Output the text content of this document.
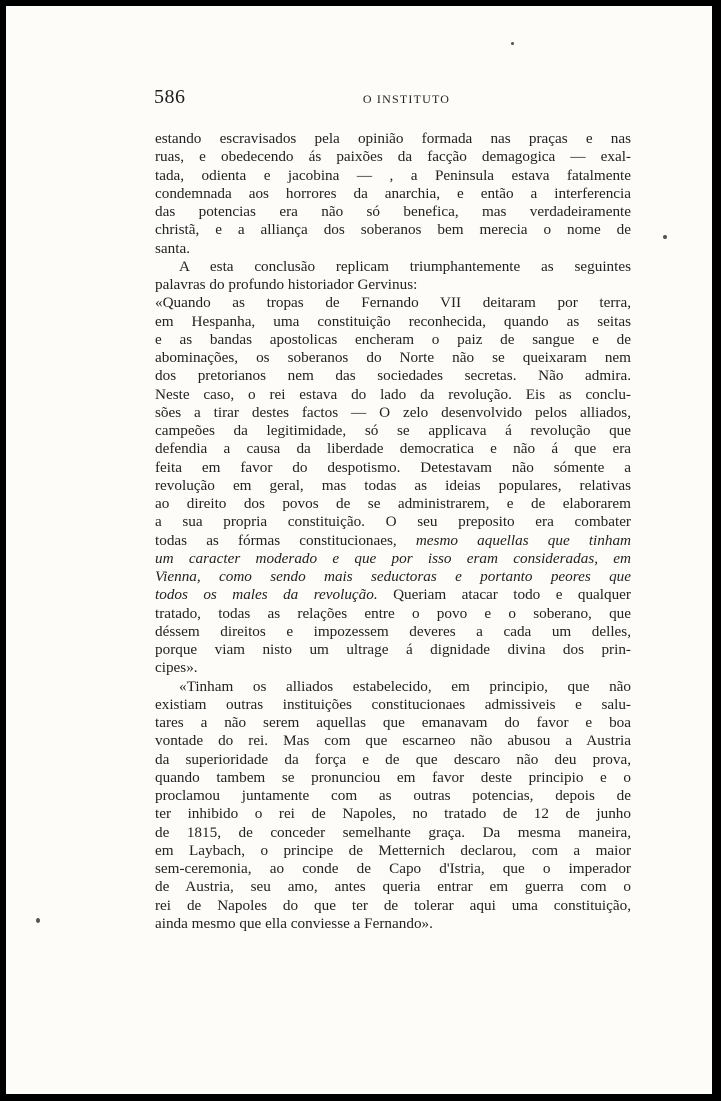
586	O INSTITUTO
estando escravisados pela opinião formada nas praças e nas
ruas, e obedecendo ás paixões da facção demagogica — exal-
tada, odienta e jacobina — , a Peninsula estava fatalmente
condemnada aos horrores da anarchia, e então a interferencia
das potencias era não só benefica, mas verdadeiramente
christã, e a alliança dos soberanos bem merecia o nome de
santa.
A esta conclusão replicam triumphantemente as seguintes
palavras do profundo historiador Gervinus:
«Quando as tropas de Fernando VII deitaram por terra,
em Hespanha, uma constituição reconhecida, quando as seitas
e as bandas apostolicas encheram o paiz de sangue e de
abominações, os soberanos do Norte não se queixaram nem
dos pretorianos nem das sociedades secretas. Não admira.
Neste caso, o rei estava do lado da revolução. Eis as conclu-
sões a tirar destes factos — O zelo desenvolvido pelos alliados,
campeões da legitimidade, só se applicava á revolução que
defendia a causa da liberdade democratica e não á que era
feita em favor do despotismo. Detestavam não sómente a
revolução em geral, mas todas as ideias populares, relativas
ao direito dos povos de se administrarem, e de elaborarem
a sua propria constituição. O seu preposito era combater
todas as fórmas constitucionaes, mesmo aquellas que tinham
um caracter moderado e que por isso eram consideradas, em
Vienna, como sendo mais seductoras e portanto peores que
todos os males da revolução. Queriam atacar todo e qualquer
tratado, todas as relações entre o povo e o soberano, que
déssem direitos e impozessem deveres a cada um delles,
porque viam nisto um ultrage á dignidade divina dos prin-
cipes».
«Tinham os alliados estabelecido, em principio, que não
existiam outras instituições constitucionaes admissiveis e salu-
tares a não serem aquellas que emanavam do favor e boa
vontade do rei. Mas com que escarneo não abusou a Austria
da superioridade da força e de que descaro não deu prova,
quando tambem se pronunciou em favor deste principio e o
proclamou juntamente com as outras potencias, depois de
ter inhibido o rei de Napoles, no tratado de 12 de junho
de 1815, de conceder semelhante graça. Da mesma maneira,
em Laybach, o principe de Metternich declarou, com a maior
sem-ceremonia, ao conde de Capo d'Istria, que o imperador
de Austria, seu amo, antes queria entrar em guerra com o
rei de Napoles do que ter de tolerar aqui uma constituição,
ainda mesmo que ella conviesse a Fernando».
